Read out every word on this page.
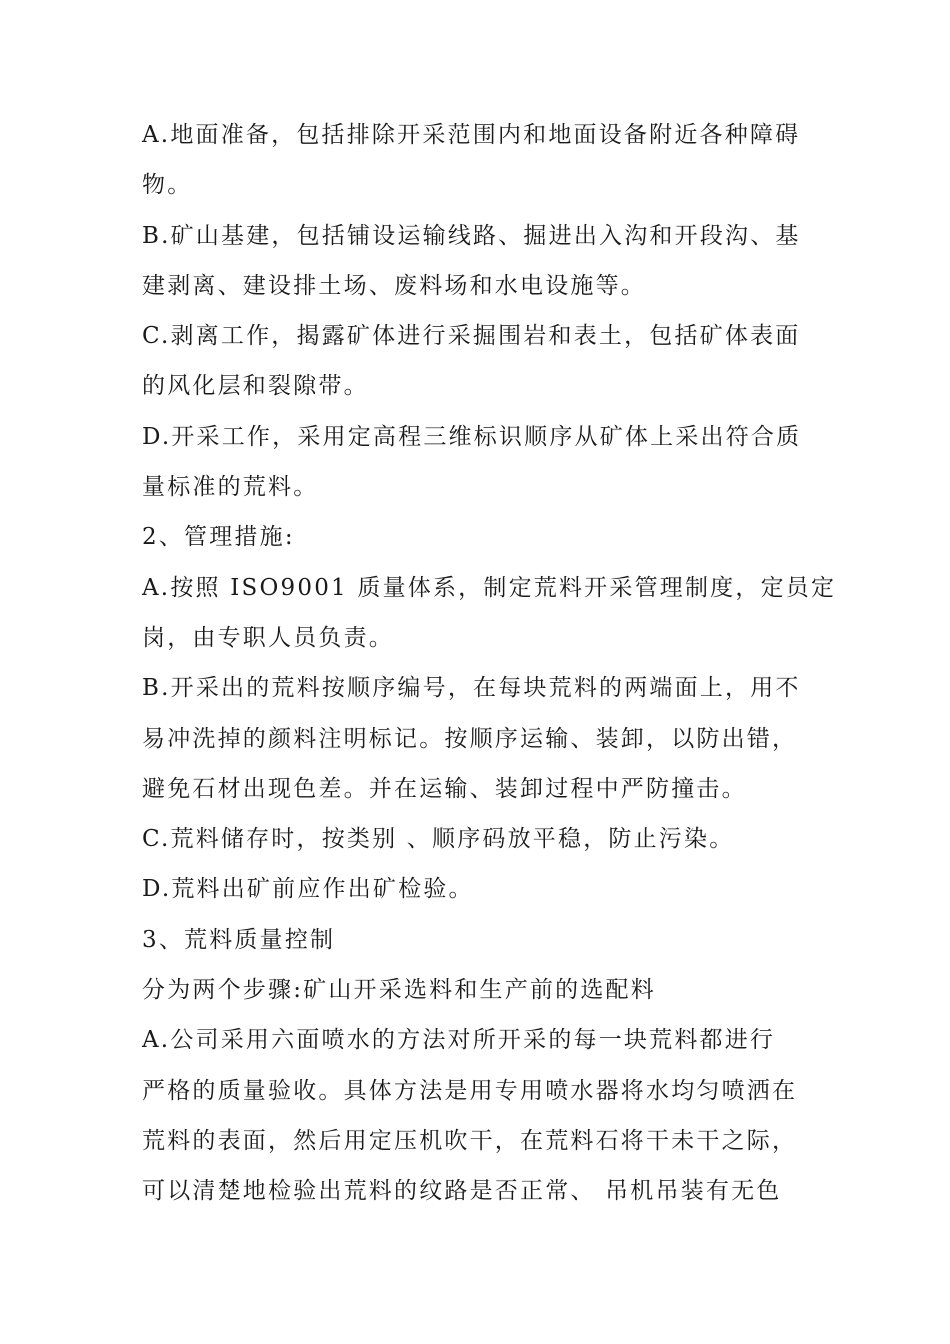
A.地面准备，包括排除开采范围内和地面设备附近各种障碍

物。

B.矿山基建，包括铺设运输线路、掘进出入沟和开段沟、基

建剥离、建设排土场、废料场和水电设施等。

C.剥离工作，揭露矿体进行采掘围岩和表土，包括矿体表面

的风化层和裂隙带。

D.开采工作，采用定高程三维标识顺序从矿体上采出符合质

量标准的荒料。

2、管理措施:

A.按照 ISO9001 质量体系，制定荒料开采管理制度，定员定

岗，由专职人员负责。

B.开采出的荒料按顺序编号，在每块荒料的两端面上，用不

易冲洗掉的颜料注明标记。按顺序运输、装卸，以防出错，

避免石材出现色差。并在运输、装卸过程中严防撞击。

C.荒料储存时，按类别 、顺序码放平稳，防止污染。

D.荒料出矿前应作出矿检验。

3、荒料质量控制

分为两个步骤:矿山开采选料和生产前的选配料

A.公司采用六面喷水的方法对所开采的每一块荒料都进行

严格的质量验收。具体方法是用专用喷水器将水均匀喷洒在

荒料的表面，然后用定压机吹干，在荒料石将干未干之际，

可以清楚地检验出荒料的纹路是否正常、 吊机吊装有无色
